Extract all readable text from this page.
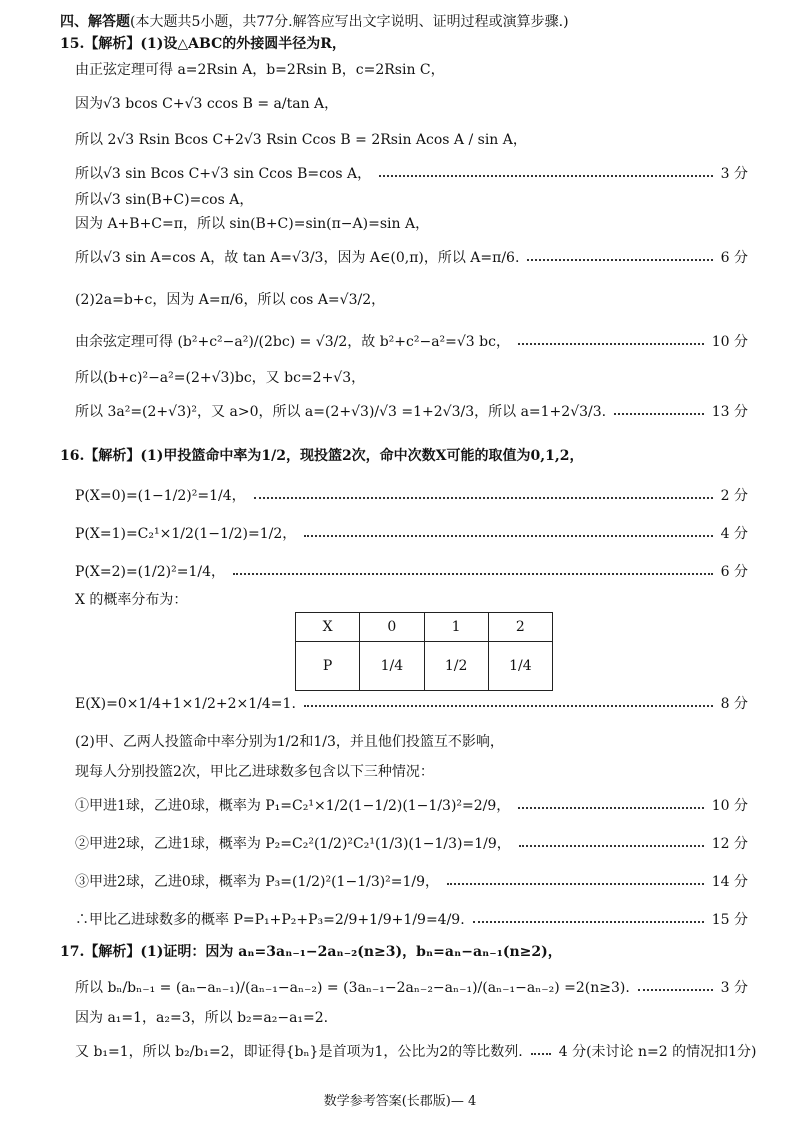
四、解答题 (本大题共5小题，共77分.解答应写出文字说明、证明过程或演算步骤.)
15.【解析】(1)设△ABC的外接圆半径为R，
由正弦定理可得 a=2Rsin A，b=2Rsin B，c=2Rsin C，
因为√3 bcos C+√3 ccos B = a/tan A，
所以 2√3 Rsin Bcos C+2√3 Rsin Ccos B = 2Rsin Acos A / sin A，
所以√3 sin Bcos C+√3 sin Ccos B=cos A，	3 分
所以√3 sin(B+C)=cos A，
因为 A+B+C=π，所以 sin(B+C)=sin(π−A)=sin A，
所以√3 sin A=cos A，故 tan A=√3/3，因为 A∈(0,π)，所以 A=π/6.	6 分
(2)2a=b+c，因为 A=π/6，所以 cos A=√3/2，
由余弦定理可得 (b²+c²−a²)/(2bc) = √3/2，故 b²+c²−a²=√3 bc，	10 分
所以(b+c)²−a²=(2+√3)bc，又 bc=2+√3，
所以 3a²=(2+√3)²，又 a>0，所以 a=(2+√3)/√3 =1+2√3/3，所以 a=1+2√3/3.	13 分
16.【解析】(1)甲投篮命中率为1/2，现投篮2次，命中次数X可能的取值为0,1,2，
P(X=0)=(1−1/2)²=1/4，	2 分
P(X=1)=C₂¹×1/2(1−1/2)=1/2，	4 分
P(X=2)=(1/2)²=1/4，	6 分
X 的概率分布为：
X	0	1	2
P	1/4	1/2	1/4
E(X)=0×1/4+1×1/2+2×1/4=1.	8 分
(2)甲、乙两人投篮命中率分别为1/2和1/3，并且他们投篮互不影响，
现每人分别投篮2次，甲比乙进球数多包含以下三种情况：
①甲进1球，乙进0球，概率为 P₁=C₂¹×1/2(1−1/2)(1−1/3)²=2/9，	10 分
②甲进2球，乙进1球，概率为 P₂=C₂²(1/2)²C₂¹(1/3)(1−1/3)=1/9，	12 分
③甲进2球，乙进0球，概率为 P₃=(1/2)²(1−1/3)²=1/9，	14 分
∴甲比乙进球数多的概率 P=P₁+P₂+P₃=2/9+1/9+1/9=4/9.	15 分
17.【解析】(1)证明：因为 aₙ=3aₙ₋₁−2aₙ₋₂(n≥3)，bₙ=aₙ−aₙ₋₁(n≥2)，
所以 bₙ/bₙ₋₁ = (aₙ−aₙ₋₁)/(aₙ₋₁−aₙ₋₂) = (3aₙ₋₁−2aₙ₋₂−aₙ₋₁)/(aₙ₋₁−aₙ₋₂) =2(n≥3).	3 分
因为 a₁=1，a₂=3，所以 b₂=a₂−a₁=2.
又 b₁=1，所以 b₂/b₁=2，即证得{bₙ}是首项为1，公比为2的等比数列.	4 分(未讨论 n=2 的情况扣1分)
数学参考答案(长郡版)— 4
